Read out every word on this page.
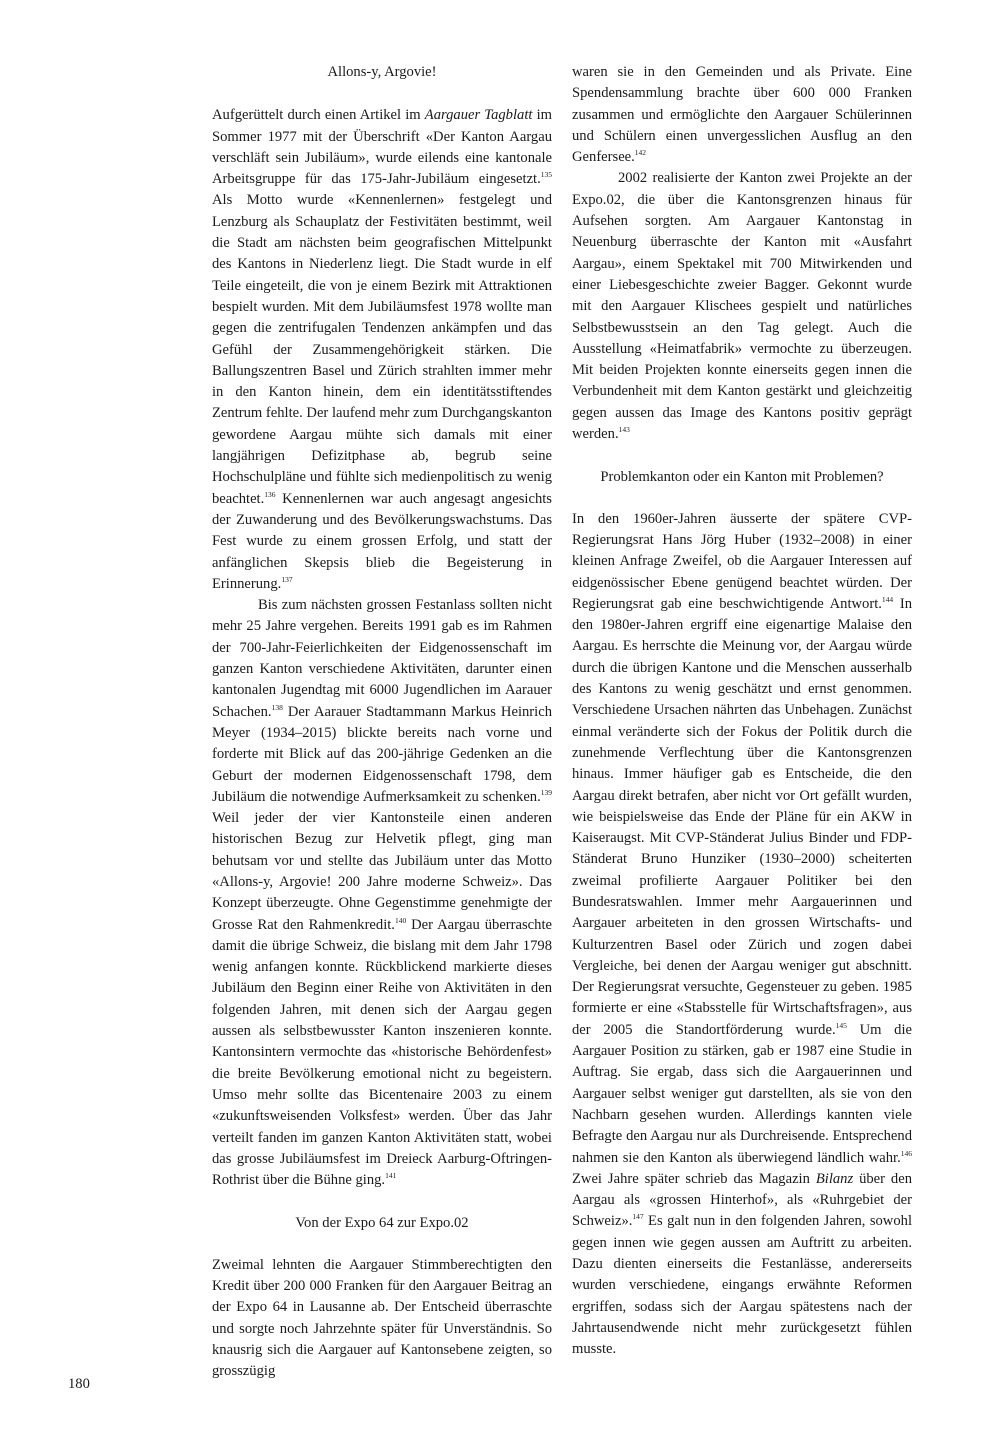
Allons-y, Argovie!

Aufgerüttelt durch einen Artikel im Aargauer Tagblatt im Sommer 1977 mit der Überschrift «Der Kanton Aargau verschläft sein Jubiläum», wurde eilends eine kantonale Arbeitsgruppe für das 175-Jahr-Jubiläum eingesetzt.$^{135}$ Als Motto wurde «Kennenlernen» festgelegt und Lenzburg als Schauplatz der Festivitäten bestimmt, weil die Stadt am nächsten beim geografischen Mittelpunkt des Kantons in Niederlenz liegt. Die Stadt wurde in elf Teile eingeteilt, die von je einem Bezirk mit Attraktionen bespielt wurden. Mit dem Jubiläumsfest 1978 wollte man gegen die zentrifugalen Tendenzen ankämpfen und das Gefühl der Zusammengehörigkeit stärken. Die Ballungszentren Basel und Zürich strahlten immer mehr in den Kanton hinein, dem ein identitätsstiftendes Zentrum fehlte. Der laufend mehr zum Durchgangskanton gewordene Aargau mühte sich damals mit einer langjährigen Defizitphase ab, begrub seine Hochschulpläne und fühlte sich medienpolitisch zu wenig beachtet.$^{136}$ Kennenlernen war auch angesagt angesichts der Zuwanderung und des Bevölkerungswachstums. Das Fest wurde zu einem grossen Erfolg, und statt der anfänglichen Skepsis blieb die Begeisterung in Erinnerung.$^{137}$

Bis zum nächsten grossen Festanlass sollten nicht mehr 25 Jahre vergehen. Bereits 1991 gab es im Rahmen der 700-Jahr-Feierlichkeiten der Eidgenossenschaft im ganzen Kanton verschiedene Aktivitäten, darunter einen kantonalen Jugendtag mit 6000 Jugendlichen im Aarauer Schachen.$^{138}$ Der Aarauer Stadtammann Markus Heinrich Meyer (1934–2015) blickte bereits nach vorne und forderte mit Blick auf das 200-jährige Gedenken an die Geburt der modernen Eidgenossenschaft 1798, dem Jubiläum die notwendige Aufmerksamkeit zu schenken.$^{139}$ Weil jeder der vier Kantonsteile einen anderen historischen Bezug zur Helvetik pflegt, ging man behutsam vor und stellte das Jubiläum unter das Motto «Allons-y, Argovie! 200 Jahre moderne Schweiz». Das Konzept überzeugte. Ohne Gegenstimme genehmigte der Grosse Rat den Rahmenkredit.$^{140}$ Der Aargau überraschte damit die übrige Schweiz, die bislang mit dem Jahr 1798 wenig anfangen konnte. Rückblickend markierte dieses Jubiläum den Beginn einer Reihe von Aktivitäten in den folgenden Jahren, mit denen sich der Aargau gegen aussen als selbstbewusster Kanton inszenieren konnte. Kantonsintern vermochte das «historische Behördenfest» die breite Bevölkerung emotional nicht zu begeistern. Umso mehr sollte das Bicentenaire 2003 zu einem «zukunftsweisenden Volksfest» werden. Über das Jahr verteilt fanden im ganzen Kanton Aktivitäten statt, wobei das grosse Jubiläumsfest im Dreieck Aarburg-Oftringen-Rothrist über die Bühne ging.$^{141}$

Von der Expo 64 zur Expo.02

Zweimal lehnten die Aargauer Stimmberechtigten den Kredit über 200 000 Franken für den Aargauer Beitrag an der Expo 64 in Lausanne ab. Der Entscheid überraschte und sorgte noch Jahrzehnte später für Unverständnis. So knausrig sich die Aargauer auf Kantonsebene zeigten, so grosszügig

waren sie in den Gemeinden und als Private. Eine Spendensammlung brachte über 600 000 Franken zusammen und ermöglichte den Aargauer Schülerinnen und Schülern einen unvergesslichen Ausflug an den Genfersee.$^{142}$

2002 realisierte der Kanton zwei Projekte an der Expo.02, die über die Kantonsgrenzen hinaus für Aufsehen sorgten. Am Aargauer Kantonstag in Neuenburg überraschte der Kanton mit «Ausfahrt Aargau», einem Spektakel mit 700 Mitwirkenden und einer Liebesgeschichte zweier Bagger. Gekonnt wurde mit den Aargauer Klischees gespielt und natürliches Selbstbewusstsein an den Tag gelegt. Auch die Ausstellung «Heimatfabrik» vermochte zu überzeugen. Mit beiden Projekten konnte einerseits gegen innen die Verbundenheit mit dem Kanton gestärkt und gleichzeitig gegen aussen das Image des Kantons positiv geprägt werden.$^{143}$

Problemkanton oder ein Kanton mit Problemen?

In den 1960er-Jahren äusserte der spätere CVP-Regierungsrat Hans Jörg Huber (1932–2008) in einer kleinen Anfrage Zweifel, ob die Aargauer Interessen auf eidgenössischer Ebene genügend beachtet würden. Der Regierungsrat gab eine beschwichtigende Antwort.$^{144}$ In den 1980er-Jahren ergriff eine eigenartige Malaise den Aargau. Es herrschte die Meinung vor, der Aargau würde durch die übrigen Kantone und die Menschen ausserhalb des Kantons zu wenig geschätzt und ernst genommen. Verschiedene Ursachen nährten das Unbehagen. Zunächst einmal veränderte sich der Fokus der Politik durch die zunehmende Verflechtung über die Kantonsgrenzen hinaus. Immer häufiger gab es Entscheide, die den Aargau direkt betrafen, aber nicht vor Ort gefällt wurden, wie beispielsweise das Ende der Pläne für ein AKW in Kaiseraugst. Mit CVP-Ständerat Julius Binder und FDP-Ständerat Bruno Hunziker (1930–2000) scheiterten zweimal profilierte Aargauer Politiker bei den Bundesratswahlen. Immer mehr Aargauerinnen und Aargauer arbeiteten in den grossen Wirtschafts- und Kulturzentren Basel oder Zürich und zogen dabei Vergleiche, bei denen der Aargau weniger gut abschnitt. Der Regierungsrat versuchte, Gegensteuer zu geben. 1985 formierte er eine «Stabsstelle für Wirtschaftsfragen», aus der 2005 die Standortförderung wurde.$^{145}$ Um die Aargauer Position zu stärken, gab er 1987 eine Studie in Auftrag. Sie ergab, dass sich die Aargauerinnen und Aargauer selbst weniger gut darstellten, als sie von den Nachbarn gesehen wurden. Allerdings kannten viele Befragte den Aargau nur als Durchreisende. Entsprechend nahmen sie den Kanton als überwiegend ländlich wahr.$^{146}$ Zwei Jahre später schrieb das Magazin Bilanz über den Aargau als «grossen Hinterhof», als «Ruhrgebiet der Schweiz».$^{147}$ Es galt nun in den folgenden Jahren, sowohl gegen innen wie gegen aussen am Auftritt zu arbeiten. Dazu dienten einerseits die Festanlässe, andererseits wurden verschiedene, eingangs erwähnte Reformen ergriffen, sodass sich der Aargau spätestens nach der Jahrtausendwende nicht mehr zurückgesetzt fühlen musste.

180
